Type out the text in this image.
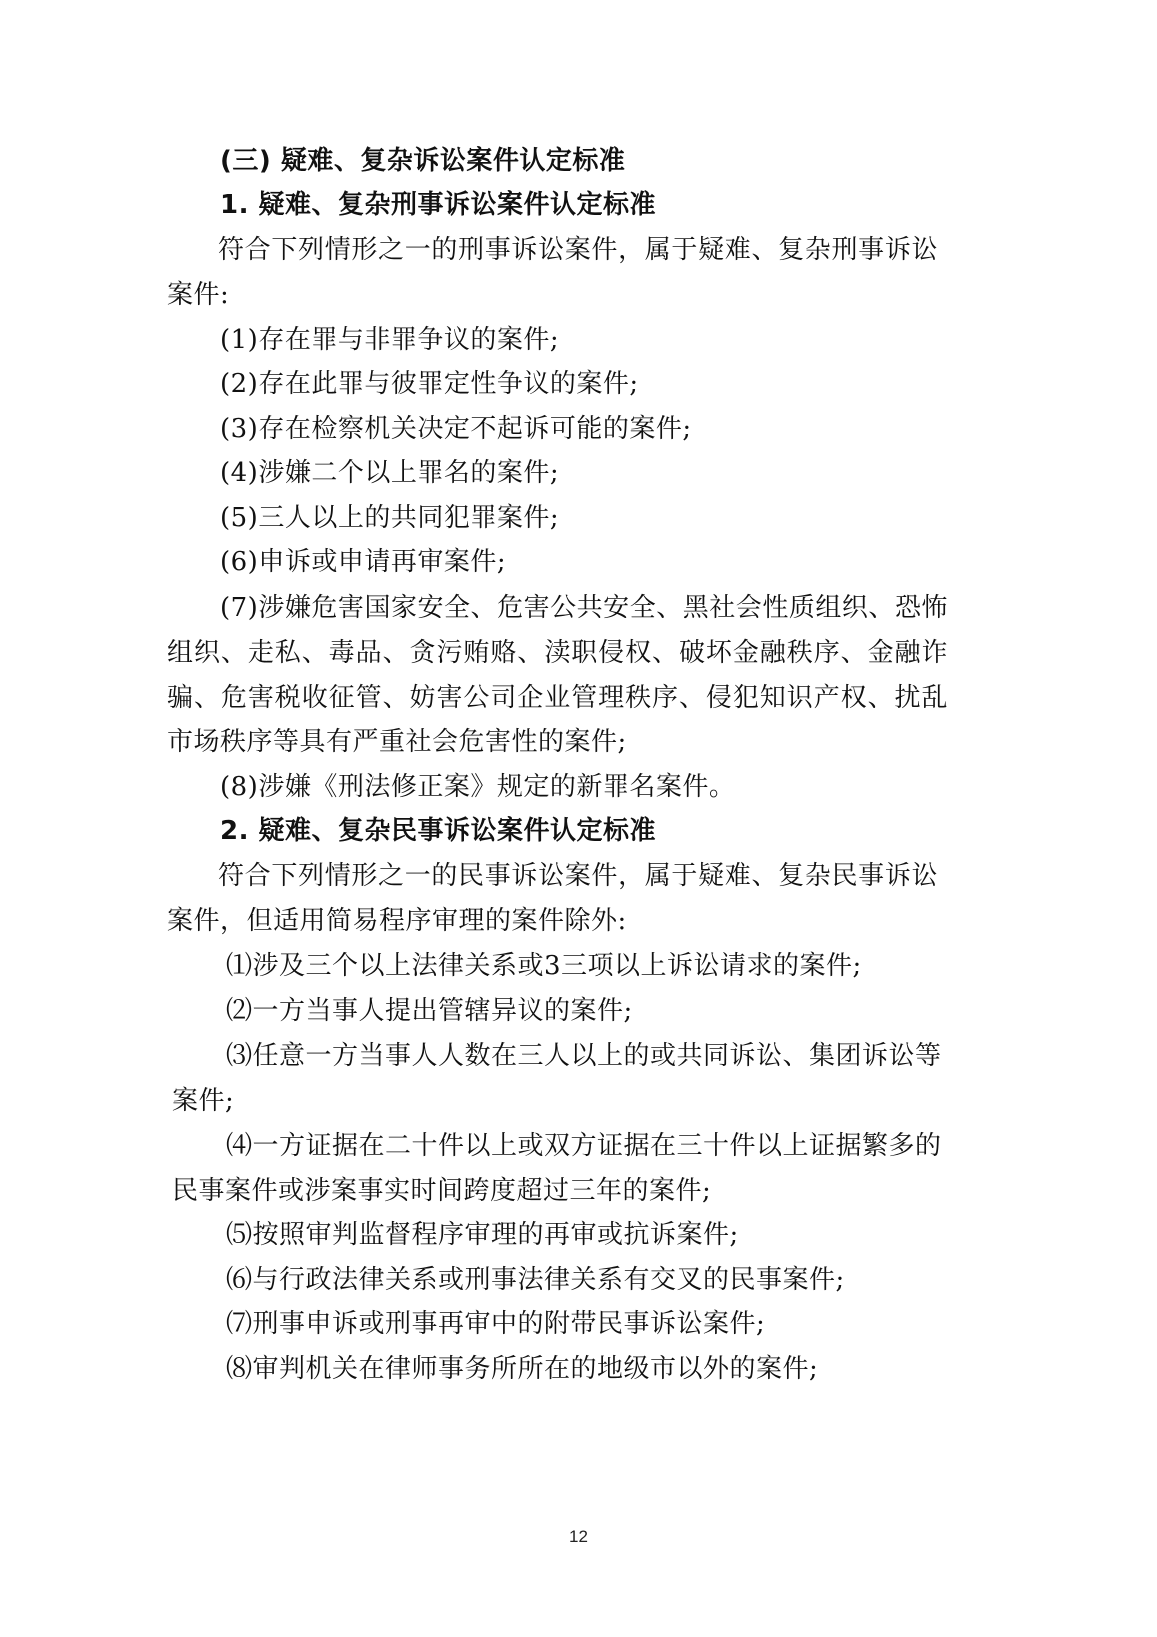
(三) 疑难、复杂诉讼案件认定标准
1. 疑难、复杂刑事诉讼案件认定标准
符合下列情形之一的刑事诉讼案件，属于疑难、复杂刑事诉讼
案件:
(1)存在罪与非罪争议的案件;
(2)存在此罪与彼罪定性争议的案件;
(3)存在检察机关决定不起诉可能的案件;
(4)涉嫌二个以上罪名的案件;
(5)三人以上的共同犯罪案件;
(6)申诉或申请再审案件;
(7)涉嫌危害国家安全、危害公共安全、黑社会性质组织、恐怖
组织、走私、毒品、贪污贿赂、渎职侵权、破坏金融秩序、金融诈
骗、危害税收征管、妨害公司企业管理秩序、侵犯知识产权、扰乱
市场秩序等具有严重社会危害性的案件;
(8)涉嫌《刑法修正案》规定的新罪名案件。
2. 疑难、复杂民事诉讼案件认定标准
符合下列情形之一的民事诉讼案件，属于疑难、复杂民事诉讼
案件，但适用简易程序审理的案件除外:
⑴涉及三个以上法律关系或3三项以上诉讼请求的案件;
⑵一方当事人提出管辖异议的案件;
⑶任意一方当事人人数在三人以上的或共同诉讼、集团诉讼等
案件;
⑷一方证据在二十件以上或双方证据在三十件以上证据繁多的
民事案件或涉案事实时间跨度超过三年的案件;
⑸按照审判监督程序审理的再审或抗诉案件;
⑹与行政法律关系或刑事法律关系有交叉的民事案件;
⑺刑事申诉或刑事再审中的附带民事诉讼案件;
⑻审判机关在律师事务所所在的地级市以外的案件;
12
